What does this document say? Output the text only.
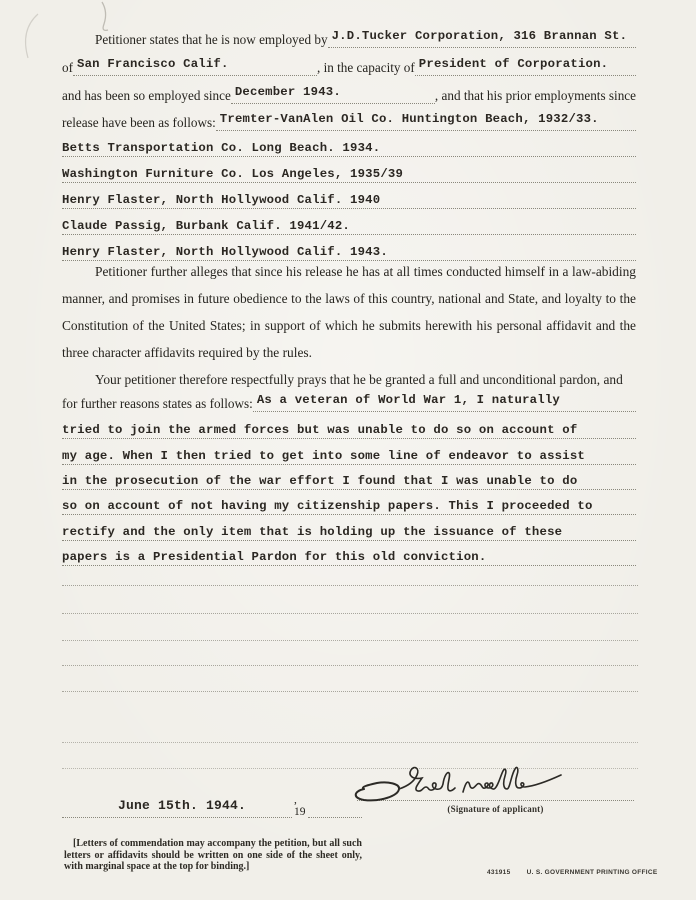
Petitioner states that he is now employed by J.D.Tucker Corporation, 316 Brannan St.
of San Francisco Calif.	, in the capacity of President of Corporation.
and has been so employed since December 1943.	, and that his prior employments since
release have been as follows: Tremter-VanAlen Oil Co. Huntington Beach, 1932/33.
Betts Transportation Co. Long Beach. 1934.
Washington Furniture Co. Los Angeles, 1935/39
Henry Flaster, North Hollywood Calif. 1940
Claude Passig, Burbank Calif. 1941/42.
Henry Flaster, North Hollywood Calif. 1943.
Petitioner further alleges that since his release he has at all times conducted himself in a law-abiding manner, and promises in future obedience to the laws of this country, national and State, and loyalty to the Constitution of the United States; in support of which he submits herewith his personal affidavit and the three character affidavits required by the rules.
Your petitioner therefore respectfully prays that he be granted a full and unconditional pardon, and
for further reasons states as follows: As a veteran of World War 1, I naturally
tried to join the armed forces but was unable to do so on account of
my age. When I then tried to get into some line of endeavor to assist
in the prosecution of the war effort I found that I was unable to do
so on account of not having my citizenship papers. This I proceeded to
rectify and the only item that is holding up the issuance of these
papers is a Presidential Pardon for this old conviction.
June 15th. 1944.	, 19	(Signature of applicant)
[Letters of commendation may accompany the petition, but all such letters or affidavits should be written on one side of the sheet only, with marginal space at the top for binding.]
431915 U. S. GOVERNMENT PRINTING OFFICE
